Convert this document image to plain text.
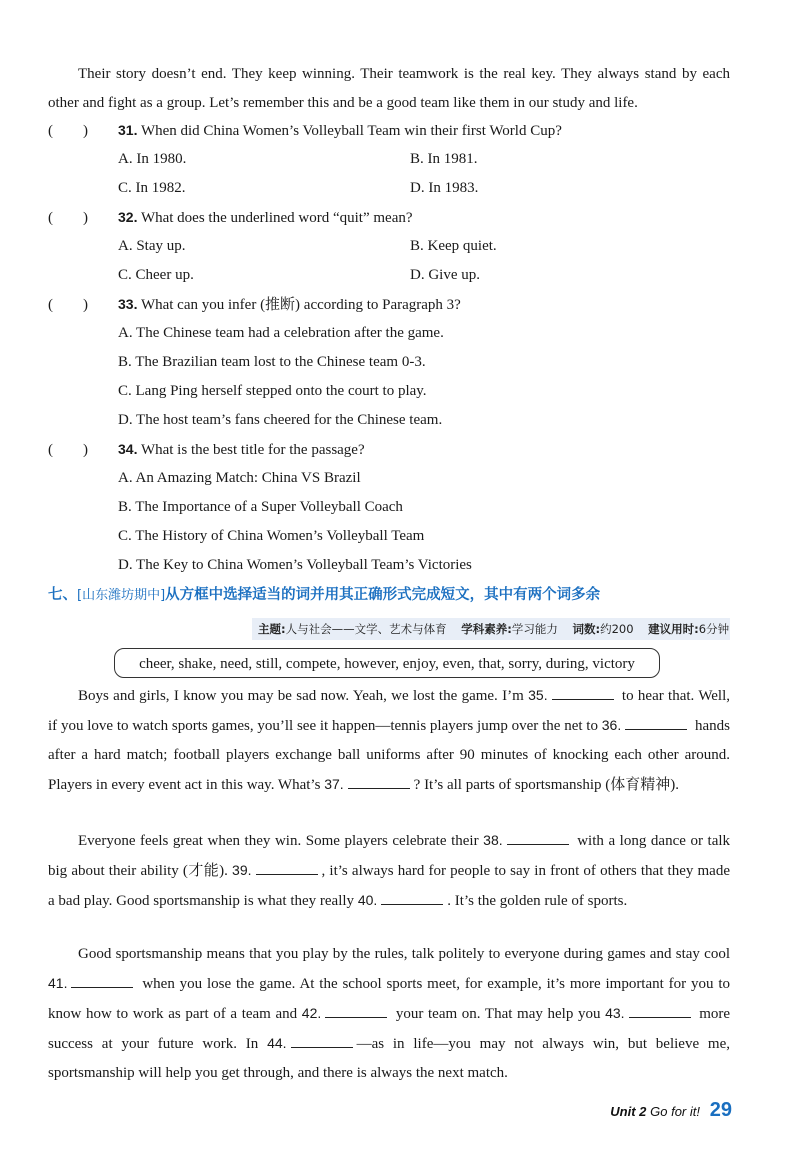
Their story doesn’t end. They keep winning. Their teamwork is the real key. They always stand by each other and fight as a group. Let’s remember this and be a good team like them in our study and life.
(  ) 31. When did China Women’s Volleyball Team win their first World Cup?
A. In 1980.	B. In 1981.
C. In 1982.	D. In 1983.
(  ) 32. What does the underlined word “quit” mean?
A. Stay up.	B. Keep quiet.
C. Cheer up.	D. Give up.
(  ) 33. What can you infer (推断) according to Paragraph 3?
A. The Chinese team had a celebration after the game.
B. The Brazilian team lost to the Chinese team 0-3.
C. Lang Ping herself stepped onto the court to play.
D. The host team’s fans cheered for the Chinese team.
(  ) 34. What is the best title for the passage?
A. An Amazing Match: China VS Brazil
B. The Importance of a Super Volleyball Coach
C. The History of China Women’s Volleyball Team
D. The Key to China Women’s Volleyball Team’s Victories
七、[山东潍坊期中]从方框中选择适当的词并用其正确形式完成短文，其中有两个词多余
主题:人与社会——文学、艺术与体育 学科素养:学习能力 词数:约200 建议用时:6分钟
cheer, shake, need, still, compete, however, enjoy, even, that, sorry, during, victory
Boys and girls, I know you may be sad now. Yeah, we lost the game. I’m 35.	to hear that. Well, if you love to watch sports games, you’ll see it happen—tennis players jump over the net to 36.	hands after a hard match; football players exchange ball uniforms after 90 minutes of knocking each other around. Players in every event act in this way. What’s 37.	? It’s all parts of sportsmanship (体育精神).
Everyone feels great when they win. Some players celebrate their 38.	with a long dance or talk big about their ability (才能). 39.	, it’s always hard for people to say in front of others that they made a bad play. Good sportsmanship is what they really 40.	. It’s the golden rule of sports.
Good sportsmanship means that you play by the rules, talk politely to everyone during games and stay cool 41.	when you lose the game. At the school sports meet, for example, it’s more important for you to know how to work as part of a team and 42.	your team on. That may help you 43.	more success at your future work. In 44.	—as in life—you may not always win, but believe me, sportsmanship will help you get through, and there is always the next match.
Unit 2 Go for it! 29
